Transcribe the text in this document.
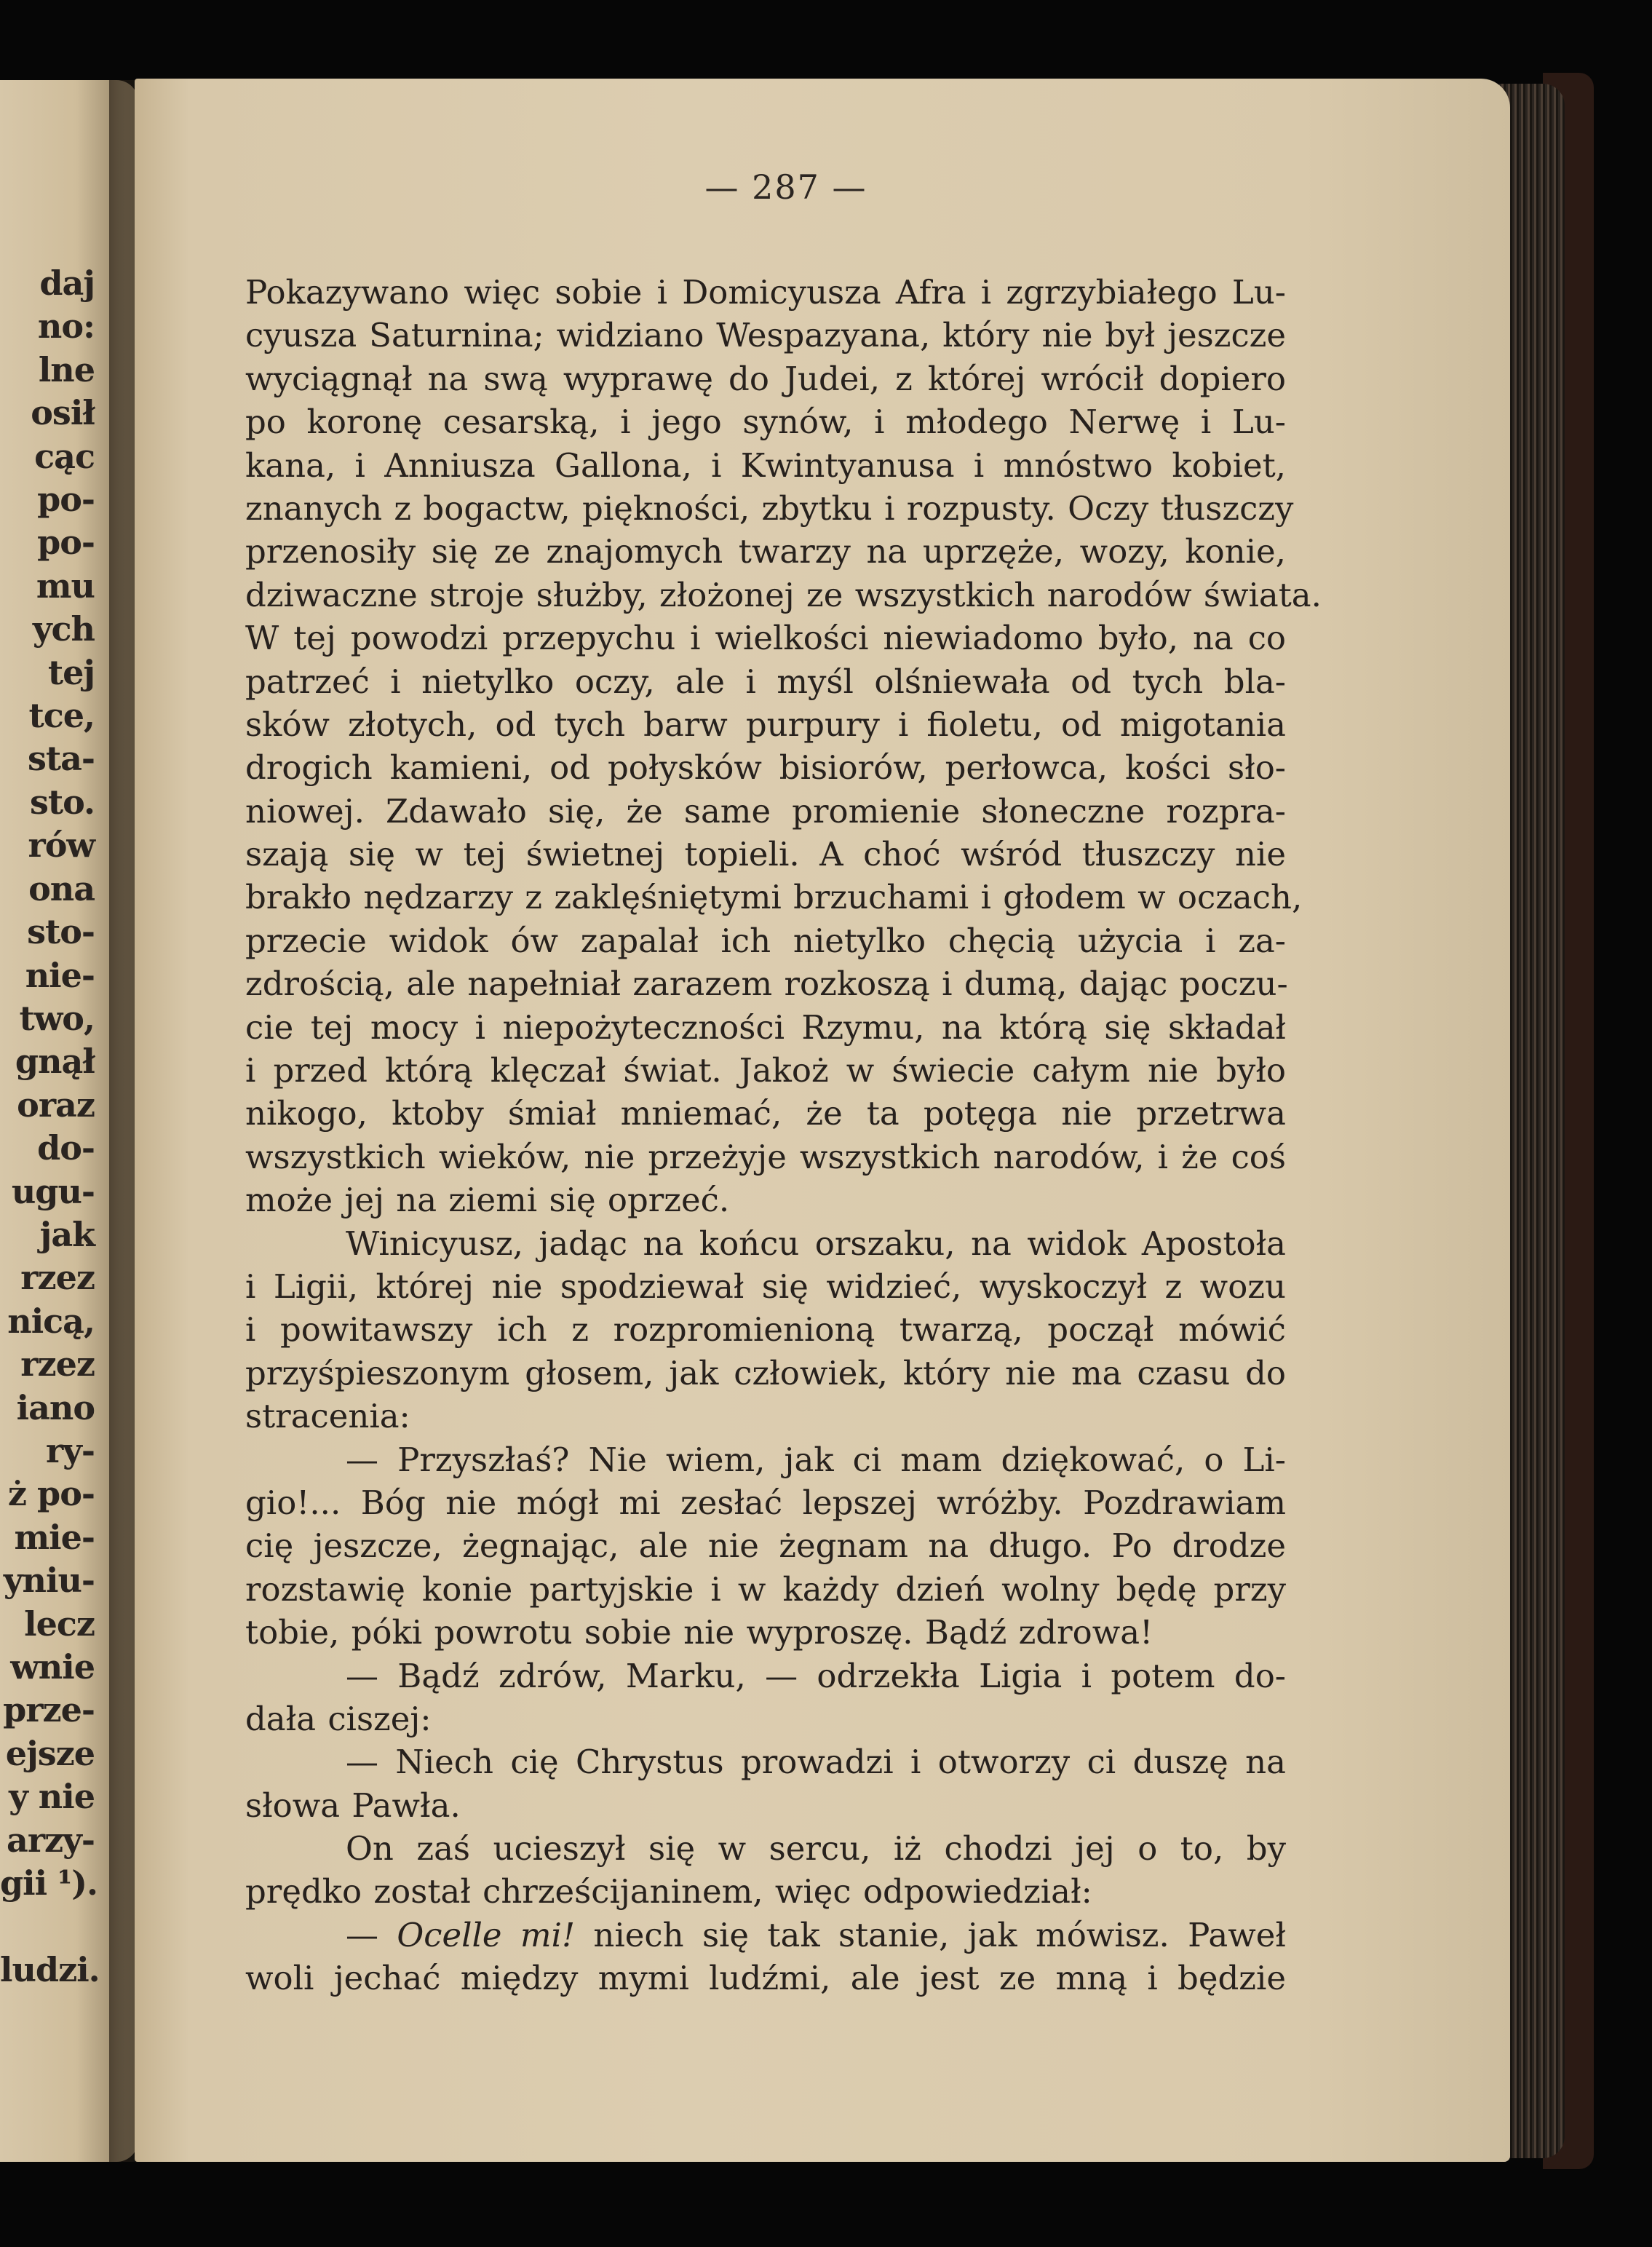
daj
no:
lne
osił
cąc
po-
po-
mu
ych
tej
tce,
sta-
sto.
rów
ona
sto-
nie-
two,
gnął
oraz
do-
ugu-
jak
rzez
nicą,
rzez
iano
ry-
ż po-
mie-
yniu-
lecz
wnie
prze-
ejsze
y nie
arzy-
gii ¹).

ludzi.
— 287 —
Pokazywano więc sobie i Domicyusza Afra i zgrzybiałego Lu-
cyusza Saturnina; widziano Wespazyana, który nie był jeszcze
wyciągnął na swą wyprawę do Judei, z której wrócił dopiero
po koronę cesarską, i jego synów, i młodego Nerwę i Lu-
kana, i Anniusza Gallona, i Kwintyanusa i mnóstwo kobiet,
znanych z bogactw, piękności, zbytku i rozpusty. Oczy tłuszczy
przenosiły się ze znajomych twarzy na uprzęże, wozy, konie,
dziwaczne stroje służby, złożonej ze wszystkich narodów świata.
W tej powodzi przepychu i wielkości niewiadomo było, na co
patrzeć i nietylko oczy, ale i myśl olśniewała od tych bla-
sków złotych, od tych barw purpury i fioletu, od migotania
drogich kamieni, od połysków bisiorów, perłowca, kości sło-
niowej. Zdawało się, że same promienie słoneczne rozpra-
szają się w tej świetnej topieli. A choć wśród tłuszczy nie
brakło nędzarzy z zaklęśniętymi brzuchami i głodem w oczach,
przecie widok ów zapalał ich nietylko chęcią użycia i za-
zdrością, ale napełniał zarazem rozkoszą i dumą, dając poczu-
cie tej mocy i niepożyteczności Rzymu, na którą się składał
i przed którą klęczał świat. Jakoż w świecie całym nie było
nikogo, ktoby śmiał mniemać, że ta potęga nie przetrwa
wszystkich wieków, nie przeżyje wszystkich narodów, i że coś
może jej na ziemi się oprzeć.
Winicyusz, jadąc na końcu orszaku, na widok Apostoła
i Ligii, której nie spodziewał się widzieć, wyskoczył z wozu
i powitawszy ich z rozpromienioną twarzą, począł mówić
przyśpieszonym głosem, jak człowiek, który nie ma czasu do
stracenia:
— Przyszłaś? Nie wiem, jak ci mam dziękować, o Li-
gio!... Bóg nie mógł mi zesłać lepszej wróżby. Pozdrawiam
cię jeszcze, żegnając, ale nie żegnam na długo. Po drodze
rozstawię konie partyjskie i w każdy dzień wolny będę przy
tobie, póki powrotu sobie nie wyproszę. Bądź zdrowa!
— Bądź zdrów, Marku, — odrzekła Ligia i potem do-
dała ciszej:
— Niech cię Chrystus prowadzi i otworzy ci duszę na
słowa Pawła.
On zaś ucieszył się w sercu, iż chodzi jej o to, by
prędko został chrześcijaninem, więc odpowiedział:
— Ocelle mi! niech się tak stanie, jak mówisz. Paweł
woli jechać między mymi ludźmi, ale jest ze mną i będzie
